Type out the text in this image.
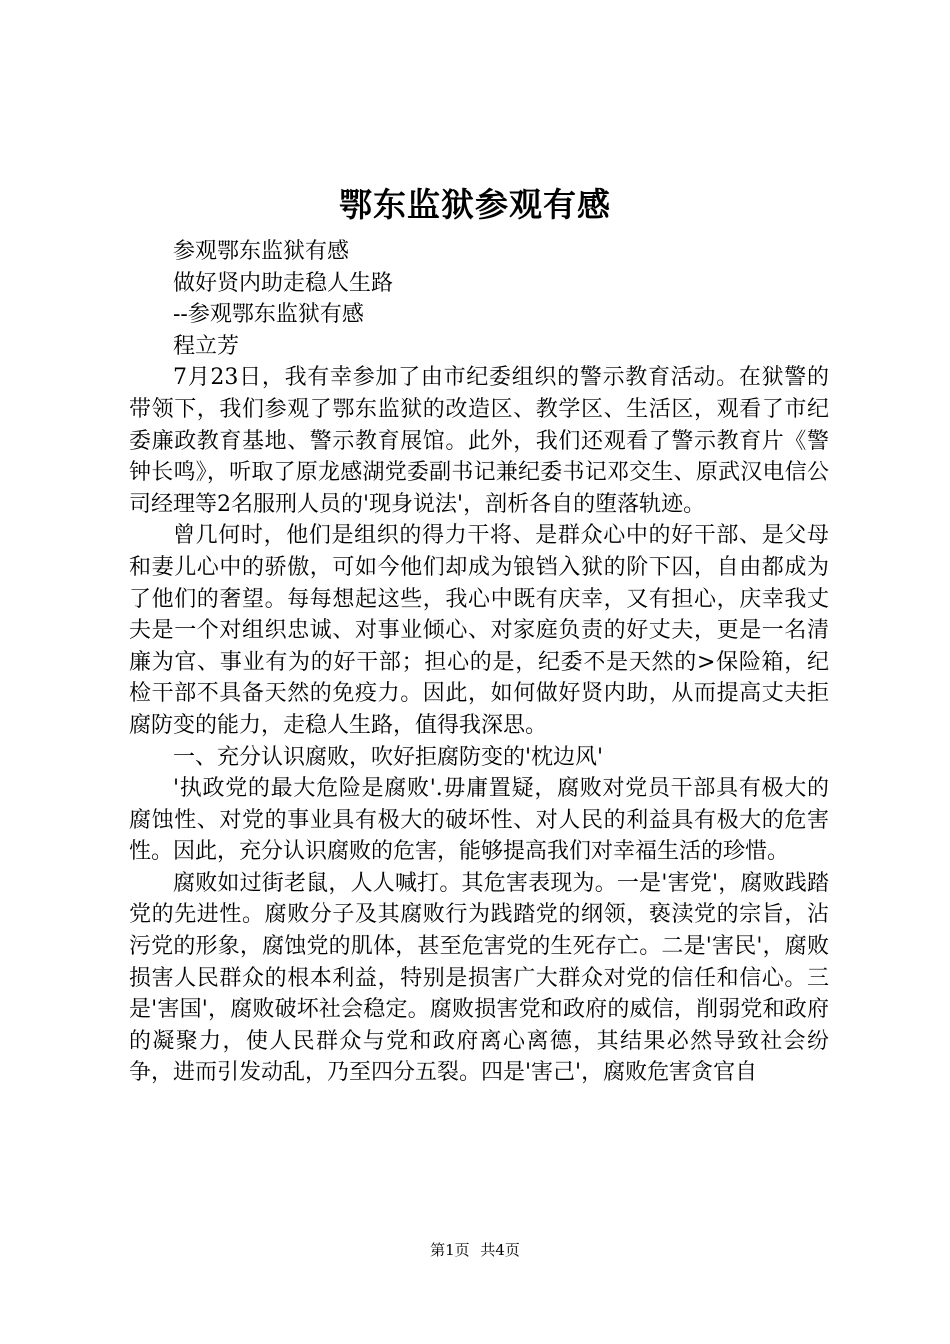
鄂东监狱参观有感

参观鄂东监狱有感

做好贤内助走稳人生路

--参观鄂东监狱有感

程立芳

7月23日，我有幸参加了由市纪委组织的警示教育活动。在狱警的带领下，我们参观了鄂东监狱的改造区、教学区、生活区，观看了市纪委廉政教育基地、警示教育展馆。此外，我们还观看了警示教育片《警钟长鸣》，听取了原龙感湖党委副书记兼纪委书记邓交生、原武汉电信公司经理等2名服刑人员的'现身说法'，剖析各自的堕落轨迹。

曾几何时，他们是组织的得力干将、是群众心中的好干部、是父母和妻儿心中的骄傲，可如今他们却成为锒铛入狱的阶下囚，自由都成为了他们的奢望。每每想起这些，我心中既有庆幸，又有担心，庆幸我丈夫是一个对组织忠诚、对事业倾心、对家庭负责的好丈夫，更是一名清廉为官、事业有为的好干部；担心的是，纪委不是天然的>保险箱，纪检干部不具备天然的免疫力。因此，如何做好贤内助，从而提高丈夫拒腐防变的能力，走稳人生路，值得我深思。

一、充分认识腐败，吹好拒腐防变的'枕边风'

'执政党的最大危险是腐败'.毋庸置疑，腐败对党员干部具有极大的腐蚀性、对党的事业具有极大的破坏性、对人民的利益具有极大的危害性。因此，充分认识腐败的危害，能够提高我们对幸福生活的珍惜。

腐败如过街老鼠，人人喊打。其危害表现为。一是'害党'，腐败践踏党的先进性。腐败分子及其腐败行为践踏党的纲领，亵渎党的宗旨，沾污党的形象，腐蚀党的肌体，甚至危害党的生死存亡。二是'害民'，腐败损害人民群众的根本利益，特别是损害广大群众对党的信任和信心。三是'害国'，腐败破坏社会稳定。腐败损害党和政府的威信，削弱党和政府的凝聚力，使人民群众与党和政府离心离德，其结果必然导致社会纷争，进而引发动乱，乃至四分五裂。四是'害己'，腐败危害贪官自

第1页 共4页
